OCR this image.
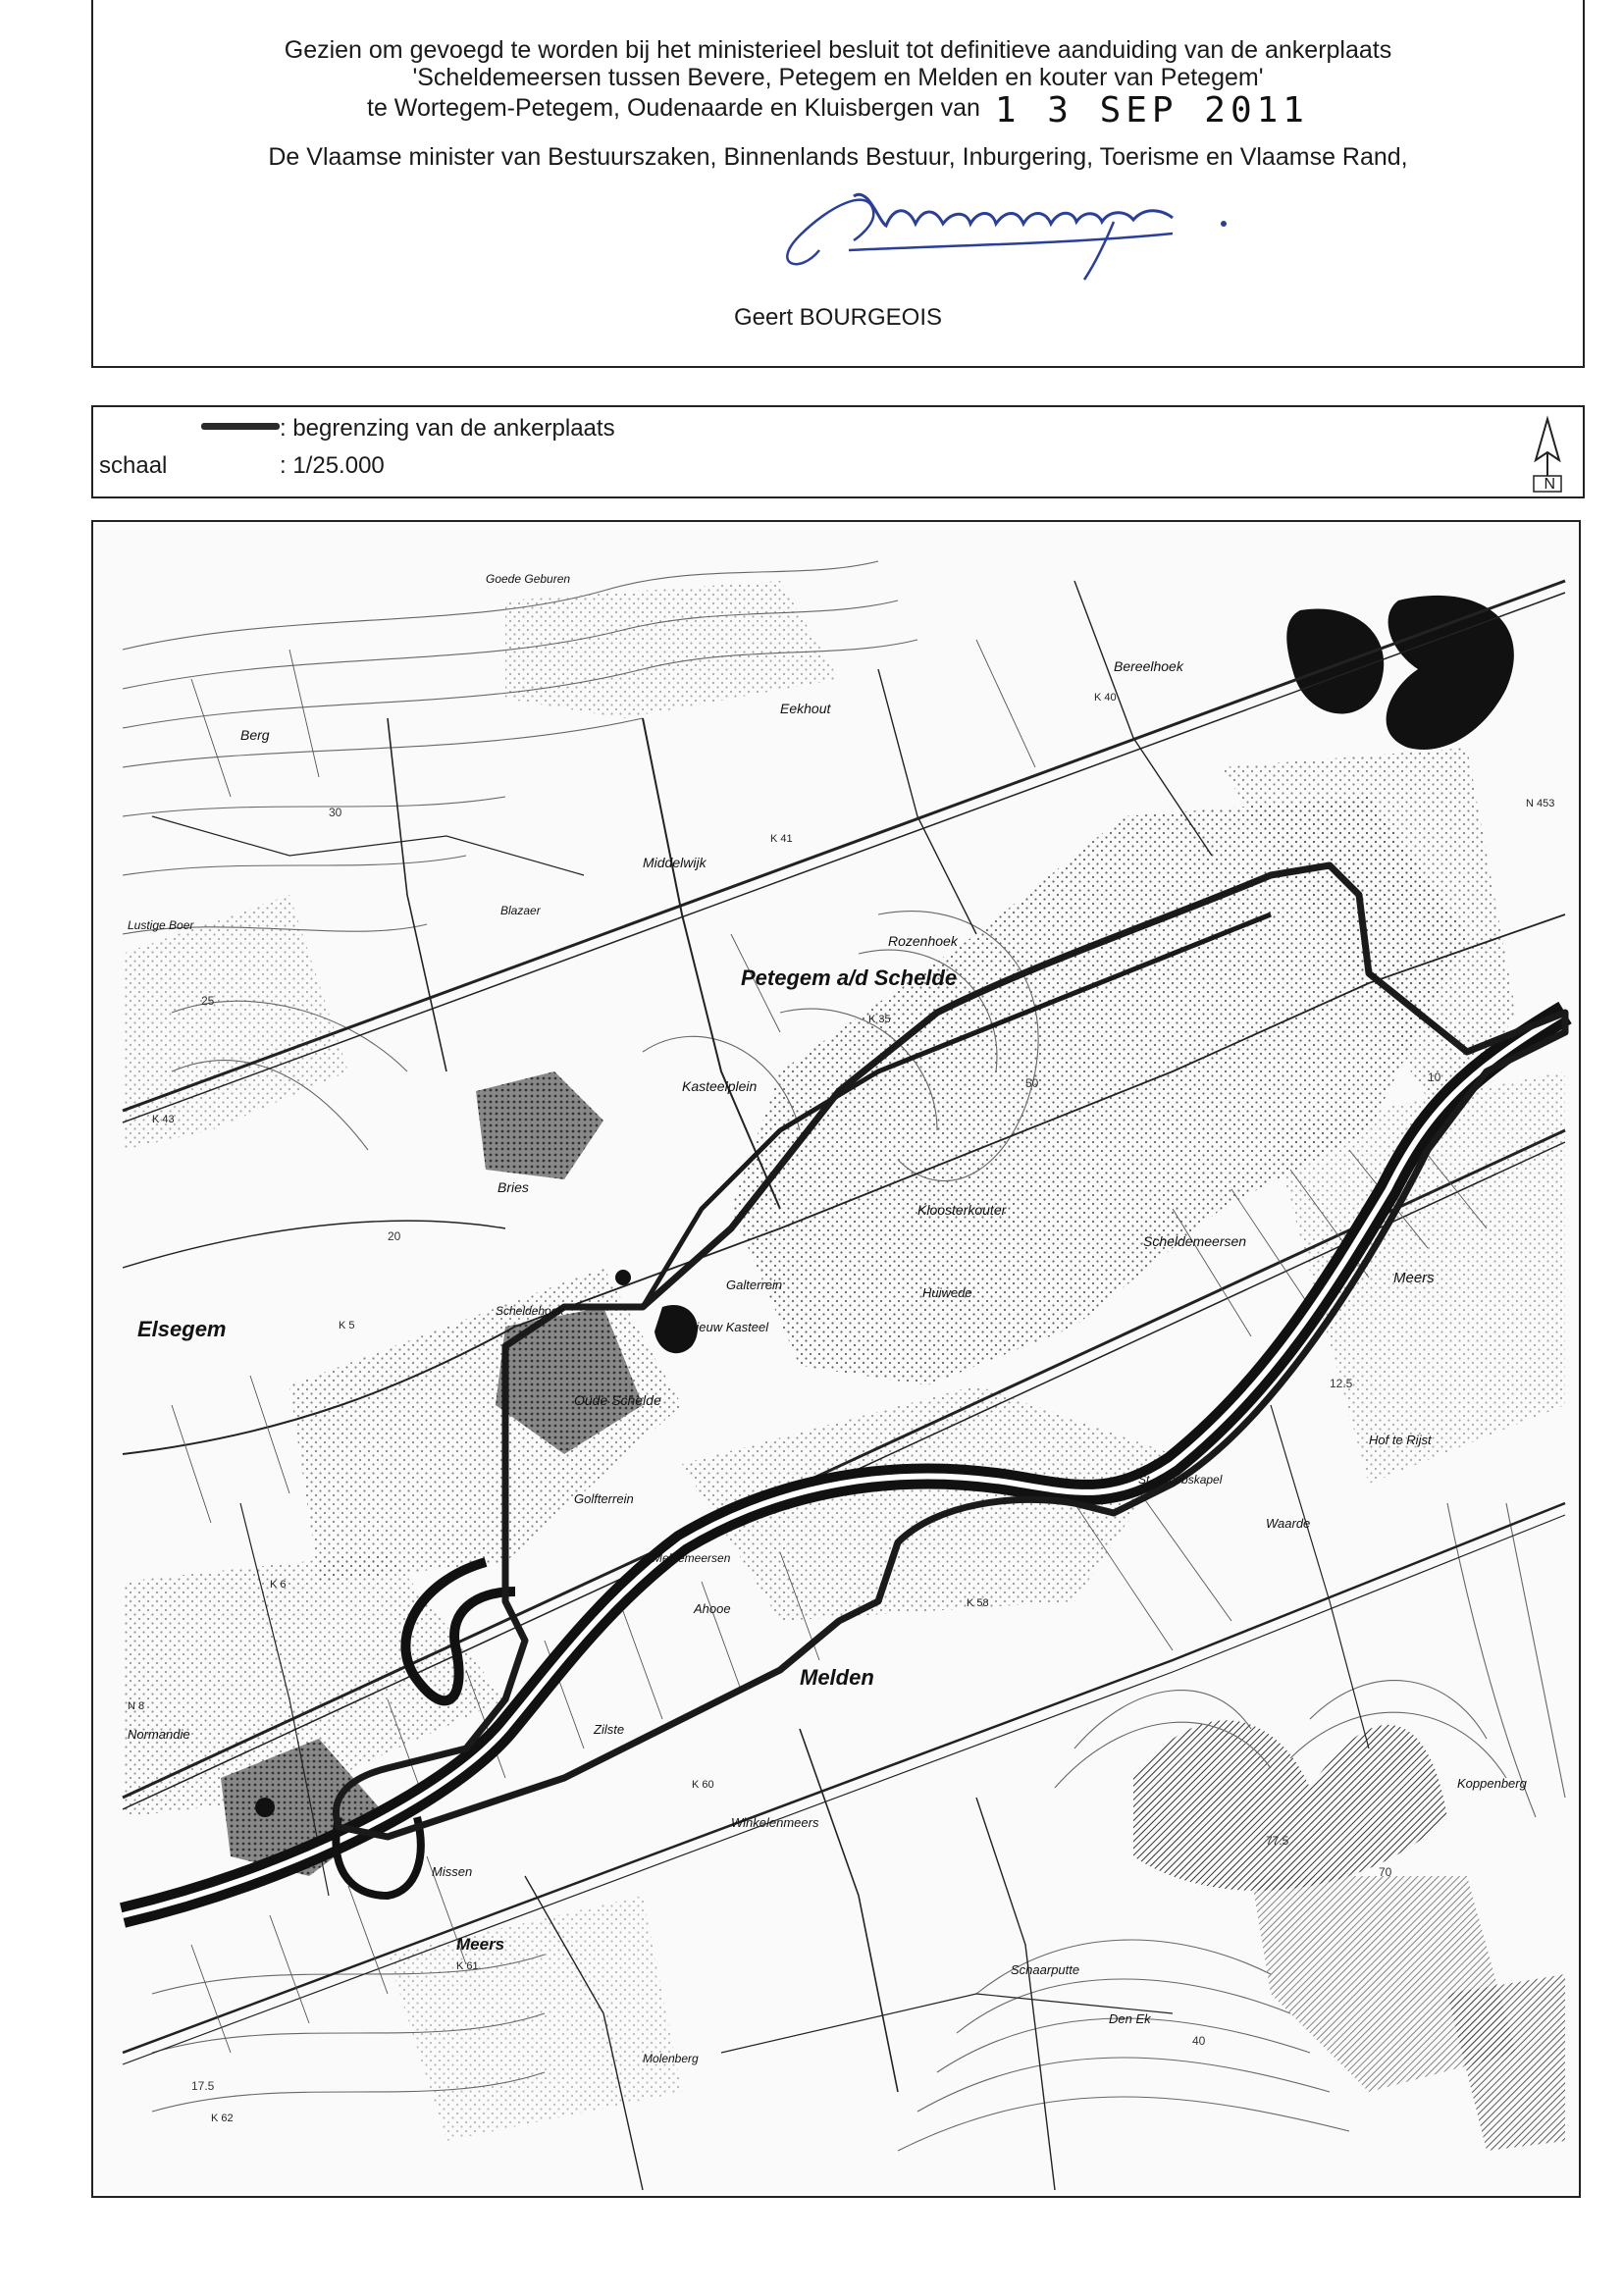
Gezien om gevoegd te worden bij het ministerieel besluit tot definitieve aanduiding van de ankerplaats
'Scheldemeersen tussen Bevere, Petegem en Melden en kouter van Petegem'
te Wortegem-Petegem, Oudenaarde en Kluisbergen van 1 3 SEP 2011
De Vlaamse minister van Bestuurszaken, Binnenlands Bestuur, Inburgering, Toerisme en Vlaamse Rand,
Geert BOURGEOIS
: begrenzing van de ankerplaats
schaal	: 1/25.000
N
Petegem a/d Schelde
Elsegem
Melden
Meers
Meers
Eekhout
Berg
Middelwijk
Kloosterkouter
Scheldemeersen
Rozenhoek
Kasteelplein
Bereelhoek
Bries
Galterrein
Golfterrein
Oude Schelde
Scheldehoek
Huiwede
Nieuw Kasteel
Ahooe
Zilste
Winkelenmeers
Koppenberg
Schaarputte
Den Ek
Molenberg
Normandie
Missen
Waarde
Hof te Rijst
St.-Jacobskapel
Meldemeersen
Goede Geburen
Lustige Boer
Blazaer
K 43
K 41
K 40
K 35
K 5
K 6
K 58
K 60
K 61
K 62
N 453
N 8
20
25
30
40
50
70
77.5
12.5
17.5
10
